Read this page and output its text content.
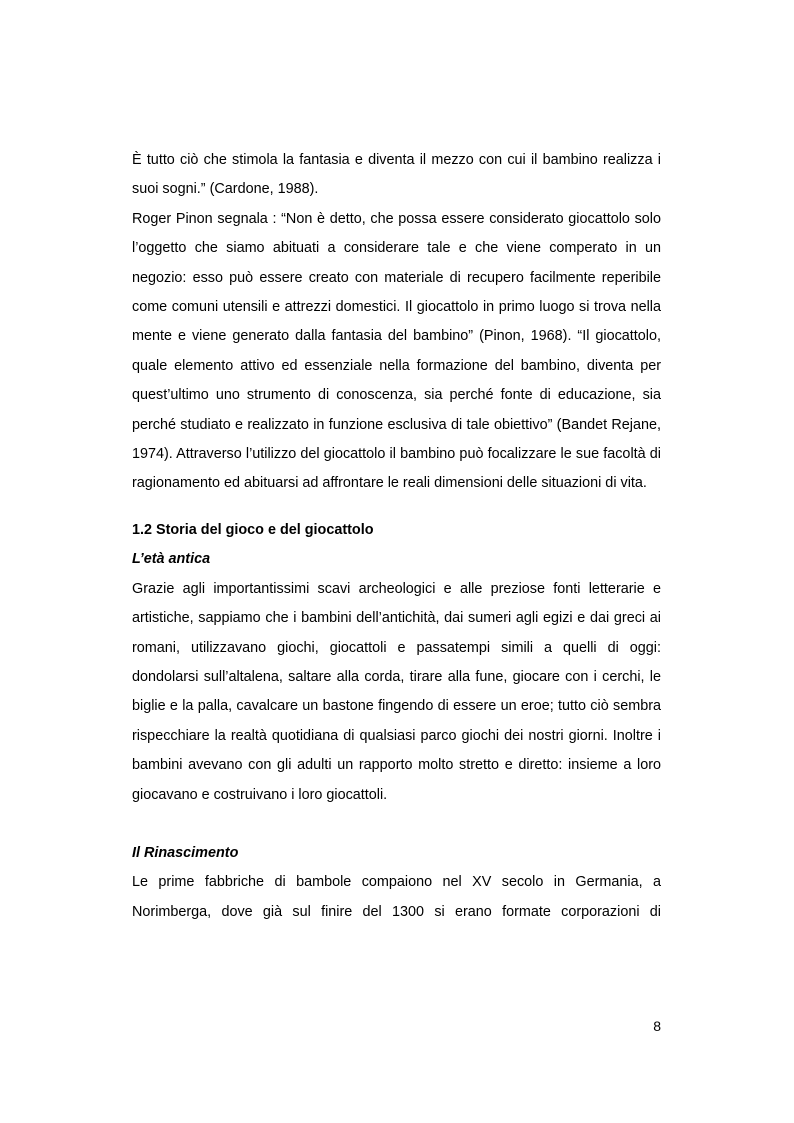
È tutto ciò che stimola la fantasia e diventa il mezzo con cui il bambino realizza i suoi sogni.” (Cardone, 1988).

Roger Pinon segnala : “Non è detto, che possa essere considerato giocattolo solo l’oggetto che siamo abituati a considerare tale e che viene comperato in un negozio: esso può essere creato con materiale di recupero facilmente reperibile come comuni utensili e attrezzi domestici. Il giocattolo in primo luogo si trova nella mente e viene generato dalla fantasia del bambino” (Pinon, 1968). “Il giocattolo, quale elemento attivo ed essenziale nella formazione del bambino, diventa per quest’ultimo uno strumento di conoscenza, sia perché fonte di educazione, sia perché studiato e realizzato in funzione esclusiva di tale obiettivo” (Bandet Rejane, 1974). Attraverso l’utilizzo del giocattolo il bambino può focalizzare le sue facoltà di ragionamento ed abituarsi ad affrontare le reali dimensioni delle situazioni di vita.

1.2 Storia del gioco e del giocattolo

L’età antica

Grazie agli importantissimi scavi archeologici e alle preziose fonti letterarie e artistiche, sappiamo che i bambini dell’antichità, dai sumeri agli egizi e dai greci ai romani, utilizzavano giochi, giocattoli e passatempi simili a quelli di oggi: dondolarsi sull’altalena, saltare alla corda, tirare alla fune, giocare con i cerchi, le biglie e la palla, cavalcare un bastone fingendo di essere un eroe; tutto ciò sembra rispecchiare la realtà quotidiana di qualsiasi parco giochi dei nostri giorni. Inoltre i bambini avevano con gli adulti un rapporto molto stretto e diretto: insieme a loro giocavano e costruivano i loro giocattoli.

Il Rinascimento

Le prime fabbriche di bambole compaiono nel XV secolo in Germania, a Norimberga, dove già sul finire del 1300 si erano formate corporazioni di

8
